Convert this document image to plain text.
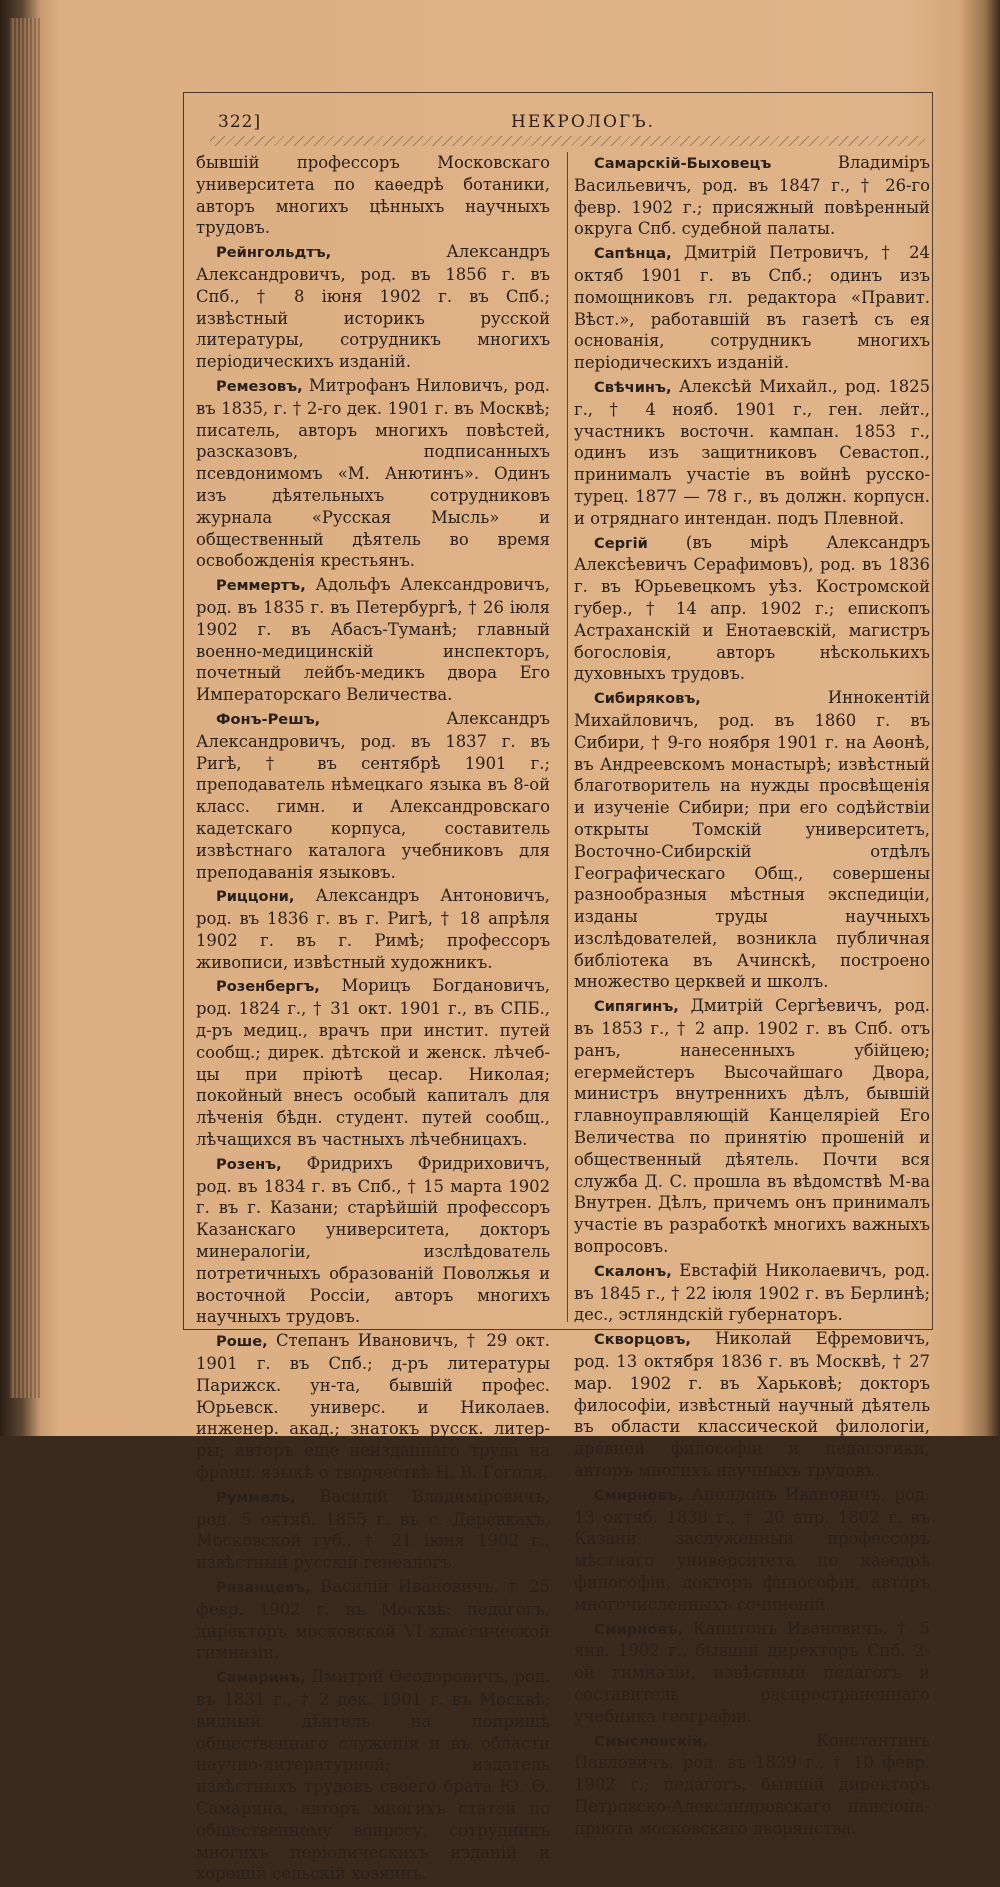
322]	НЕКРОЛОГЪ.

бывшій профессоръ Московскаго университета по каѳедрѣ ботаники, авторъ многихъ цѣнныхъ научныхъ трудовъ.

Рейнгольдтъ,	Александръ Александровичъ, род. въ 1856 г. въ Спб., † 8 іюня 1902 г. въ Спб.; извѣстный историкъ русской литературы, сотрудникъ многихъ періодическихъ изданій.

Ремезовъ, Митрофанъ Ниловичъ, род. въ 1835, г. † 2-го дек. 1901 г. въ Москвѣ; писатель, авторъ многихъ повѣстей, разсказовъ, подписанныхъ псевдонимомъ «М. Анютинъ». Одинъ изъ дѣятельныхъ сотрудниковъ журнала «Русская Мысль» и общественный дѣятель во время освобожденія крестьянъ.

Реммертъ, Адольфъ Александровичъ, род. въ 1835 г. въ Петербургѣ, † 26 іюля 1902 г. въ Абасъ-Туманѣ; главный военно-медицинскій инспекторъ, почетный лейбъ-медикъ двора Его Императорскаго Величества.

Фонъ-Решъ,	Александръ Александровичъ, род. въ 1837 г. въ Ригѣ, † въ сентябрѣ 1901 г.; преподаватель нѣмецкаго языка въ 8-ой класс. гимн. и Александровскаго кадетскаго корпуса, составитель извѣстнаго каталога учебниковъ для преподаванія языковъ.

Риццони, Александръ Антоновичъ, род. въ 1836 г. въ г. Ригѣ, † 18 апрѣля 1902 г. въ г. Римѣ; профессоръ живописи, извѣстный художникъ.

Розенбергъ, Морицъ Богдановичъ, род. 1824 г., † 31 окт. 1901 г., въ СПБ., д-ръ медиц., врачъ при инстит. путей сообщ.; дирек. дѣтской и женск. лѣчеб-цы при пріютѣ цесар. Николая; покойный внесъ особый капиталъ для лѣченія бѣдн. студент. путей сообщ., лѣчащихся въ частныхъ лѣчебницахъ.

Розенъ, Фридрихъ Фридриховичъ, род. въ 1834 г. въ Спб., † 15 марта 1902 г. въ г. Казани; старѣйшій профессоръ Казанскаго университета, докторъ минералогіи, изслѣдователь потретичныхъ образованій Поволжья и восточной Россіи, авторъ многихъ научныхъ трудовъ.

Роше, Степанъ Ивановичъ, † 29 окт. 1901 г. въ Спб.; д-ръ литературы Парижск. ун-та, бывшій профес. Юрьевск. универс. и Николаев. инженер. акад.; знатокъ русск. литер-ры; авторъ еще неизданнаго труда на франц. языкѣ о творчествѣ Н. В. Гоголя.

Руммель, Василій Владиміровичъ, род. 5 октяб. 1855 г. въ с. Деревкахъ, Московской губ., † 21 іюня 1902 г., извѣстный русскій генеалогъ.

Рязанцевъ, Василій Ивановичъ, † 25 февр. 1902 г. въ Москвѣ: педагогъ, директоръ московской VI классической гимназіи.

Самаринъ, Дмитрій Ѳеодоровичъ, род. въ 1831 г., † 2 дек. 1901 г. въ Москвѣ; видный дѣятель на поприщѣ общественнаго служенія и въ области научно-литературной; издатель извѣстныхъ трудовъ своего брата Ю. Ѳ. Самарина, авторъ многихъ статей по общественному вопросу, сотрудникъ многихъ періодическихъ изданій и хорошій сельскій хозяинъ.

Самарскій-Быховецъ	Владиміръ Васильевичъ, род. въ 1847 г., † 26-го февр. 1902 г.; присяжный повѣренный округа Спб. судебной палаты.

Сапѣнца, Дмитрій Петровичъ, † 24 октяб 1901 г. въ Спб.; одинъ изъ помощниковъ гл. редактора «Правит. Вѣст.», работавшій въ газетѣ съ ея основанія, сотрудникъ многихъ періодическихъ изданій.

Свѣчинъ, Алексѣй Михайл., род. 1825 г., † 4 нояб. 1901 г., ген. лейт., участникъ восточн. кампан. 1853 г., одинъ изъ защитниковъ Севастоп., принималъ участіе въ войнѣ русско-турец. 1877 — 78 г., въ должн. корпусн. и отряднаго интендан. подъ Плевной.

Сергій (въ мірѣ Александръ Алексѣевичъ Серафимовъ), род. въ 1836 г. въ Юрьевецкомъ уѣз. Костромской губер., † 14 апр. 1902 г.; епископъ Астраханскій и Енотаевскій, магистръ богословія, авторъ нѣсколькихъ духовныхъ трудовъ.

Сибиряковъ,	Иннокентій Михайловичъ, род. въ 1860 г. въ Сибири, † 9-го ноября 1901 г. на Аѳонѣ, въ Андреевскомъ монастырѣ; извѣстный благотворитель на нужды просвѣщенія и изученіе Сибири; при его содѣйствіи открыты Томскій университетъ, Восточно-Сибирскій отдѣлъ Географическаго Общ., совершены разнообразныя мѣстныя экспедиціи, изданы труды научныхъ изслѣдователей, возникла публичная библіотека въ Ачинскѣ, построено множество церквей и школъ.

Сипягинъ, Дмитрій Сергѣевичъ, род. въ 1853 г., † 2 апр. 1902 г. въ Спб. отъ ранъ, нанесенныхъ убійцею; егермейстеръ Высочайшаго Двора, министръ внутреннихъ дѣлъ, бывшій главноуправляющій Канцеляріей Его Величества по принятію прошеній и общественный дѣятель. Почти вся служба Д. С. прошла въ вѣдомствѣ М-ва Внутрен. Дѣлъ, причемъ онъ принималъ участіе въ разработкѣ многихъ важныхъ вопросовъ.

Скалонъ, Евстафій Николаевичъ, род. въ 1845 г., † 22 іюля 1902 г. въ Берлинѣ; дес., эстляндскій губернаторъ.

Скворцовъ, Николай Ефремовичъ, род. 13 октября 1836 г. въ Москвѣ, † 27 мар. 1902 г. въ Харьковѣ; докторъ философіи, извѣстный научный дѣятель въ области классической филологіи, древней философіи и педагогики, авторъ многихъ научныхъ трудовъ.

Смирновъ, Аполлонъ Ивановичъ, род. 13 октяб. 1838 г., † 20 апр. 1802 г. въ Казани; заслуженный профессоръ мѣстнаго университета по каѳедрѣ философіи, докторъ философіи, авторъ многочисленныхъ сочиненій.

Смирновъ, Капитонъ Ивановичъ, † 5 янв. 1902 г., бывшій директоръ Спб. 2-ой гимназіи, извѣстный педагогъ и составитель распространеннаго учебника географіи.

Смысловскій,	Константинъ Павловичъ, род. въ 1839 г., † 10 февр. 1902 г.; педагогъ, бывшій директоръ Петровско-Александровскаго пансіона-пріюта московскаго дворянства.
